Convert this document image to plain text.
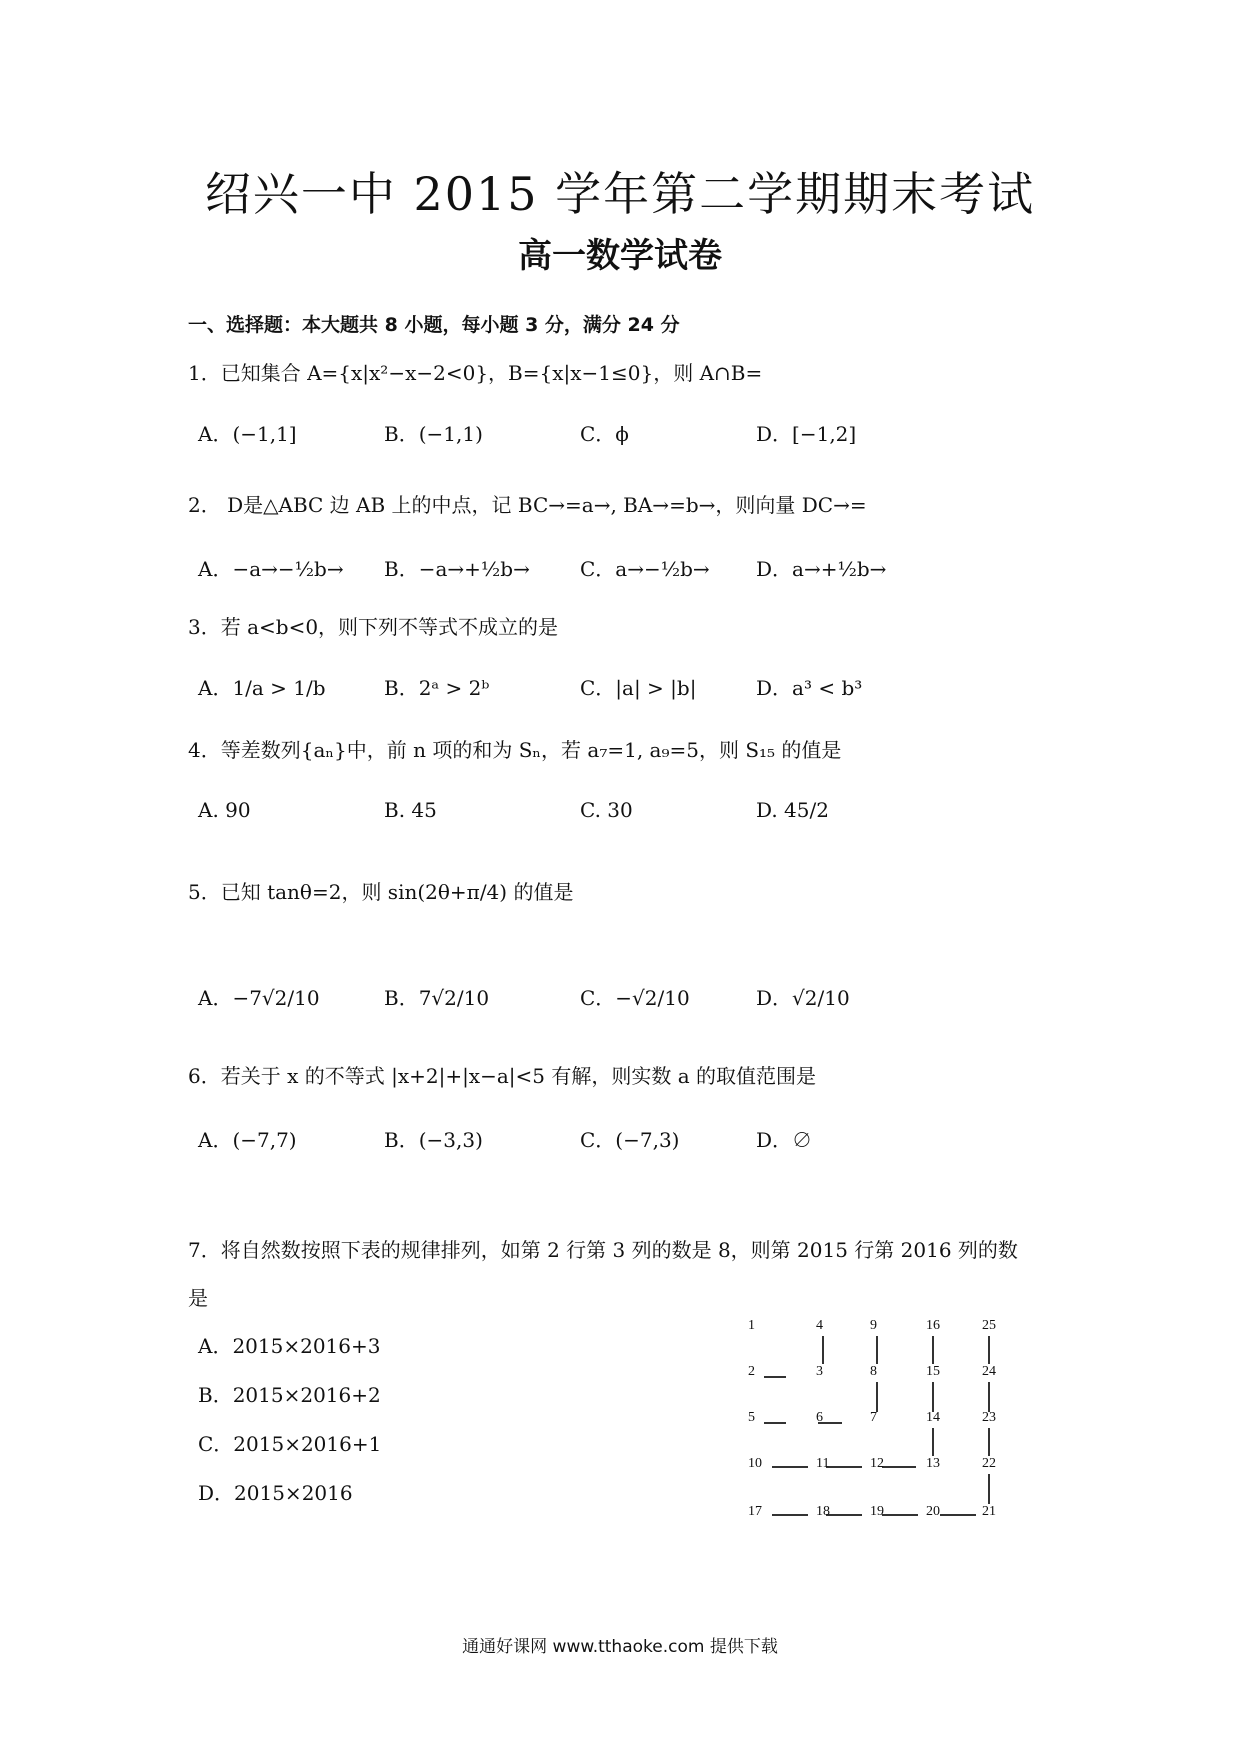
绍兴一中 2015 学年第二学期期末考试
高一数学试卷
一、选择题：本大题共 8 小题，每小题 3 分，满分 24 分
1．已知集合 A={x|x²−x−2<0}，B={x|x−1≤0}，则 A∩B=
A．(−1,1]	B．(−1,1)	C．ϕ	D．[−1,2]
2． D是△ABC 边 AB 上的中点，记 BC→=a→, BA→=b→，则向量 DC→=
A．−a→−½b→ B．−a→+½b→	C．a→−½b→ D．a→+½b→
3．若 a<b<0，则下列不等式不成立的是
A．1/a > 1/b	B．2ᵃ > 2ᵇ	C．|a| > |b|	D．a³ < b³
4．等差数列{aₙ}中，前 n 项的和为 Sₙ，若 a₇=1, a₉=5，则 S₁₅ 的值是
A. 90	B. 45	C. 30	D. 45/2
5．已知 tanθ=2，则 sin(2θ+π/4) 的值是
A．−7√2/10	B．7√2/10	C．−√2/10	D．√2/10
6．若关于 x 的不等式 |x+2|+|x−a|<5 有解，则实数 a 的取值范围是
A．(−7,7)	B．(−3,3)	C．(−7,3)	D．∅
7．将自然数按照下表的规律排列，如第 2 行第 3 列的数是 8，则第 2015 行第 2016 列的数
是
A．2015×2016+3
B．2015×2016+2
C．2015×2016+1
D．2015×2016
1	4	9	16	25
2	3	8	15	24
5	6	7	14	23
10	11	12	13	22
17	18	19	20	21
通通好课网 www.tthaoke.com 提供下载
